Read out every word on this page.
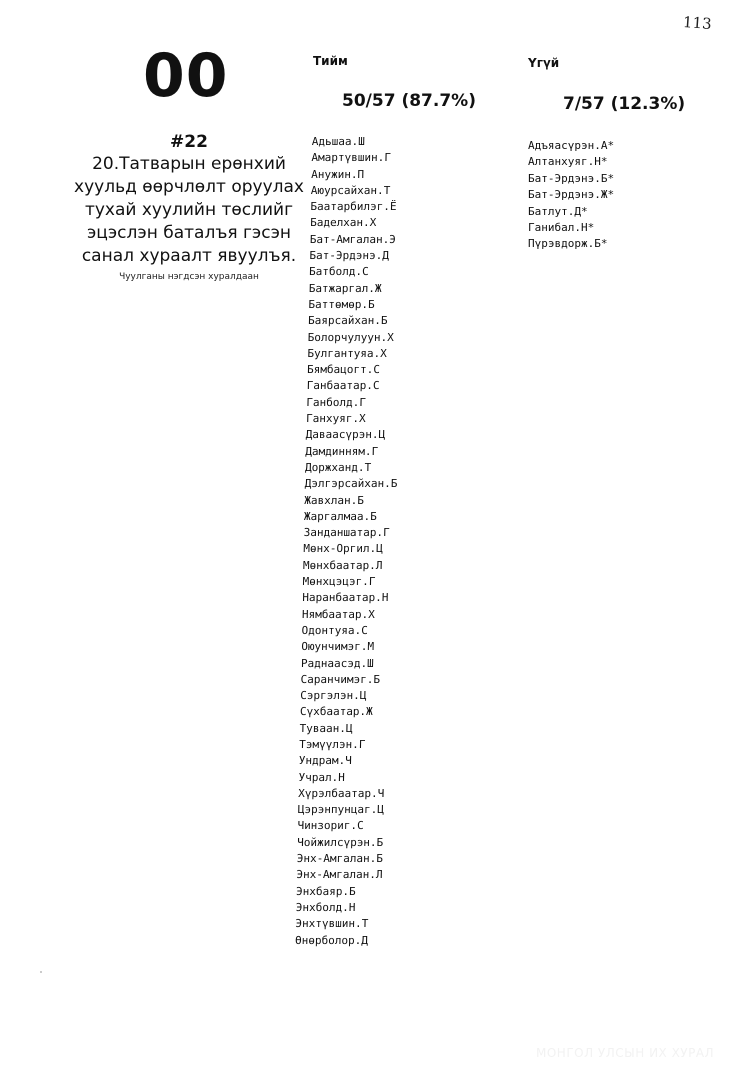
113
00
#22
20.Татварын ерөнхий хуульд өөрчлөлт оруулах тухай хуулийн төслийг эцэслэн баталъя гэсэн санал хураалт явуулъя.
Чуулганы нэгдсэн хуралдаан
Тийм	Үгүй
50/57 (87.7%)	7/57 (12.3%)
Адьшаа.Ш
Амартүвшин.Г
Анужин.П
Аюурсайхан.Т
Баатарбилэг.Ё
Баделхан.Х
Бат-Амгалан.Э
Бат-Эрдэнэ.Д
Батболд.С
Батжаргал.Ж
Баттөмөр.Б
Баярсайхан.Б
Болорчулуун.Х
Булгантуяа.Х
Бямбацогт.С
Ганбаатар.С
Ганболд.Г
Ганхуяг.Х
Даваасүрэн.Ц
Дамдинням.Г
Доржханд.Т
Дэлгэрсайхан.Б
Жавхлан.Б
Жаргалмаа.Б
Занданшатар.Г
Мөнх-Оргил.Ц
Мөнхбаатар.Л
Мөнхцэцэг.Г
Наранбаатар.Н
Нямбаатар.Х
Одонтуяа.С
Оюунчимэг.М
Раднаасэд.Ш
Саранчимэг.Б
Сэргэлэн.Ц
Сүхбаатар.Ж
Туваан.Ц
Тэмүүлэн.Г
Ундрам.Ч
Учрал.Н
Хүрэлбаатар.Ч
Цэрэнпунцаг.Ц
Чинзориг.С
Чойжилсүрэн.Б
Энх-Амгалан.Б
Энх-Амгалан.Л
Энхбаяр.Б
Энхболд.Н
Энхтүвшин.Т
Өнөрболор.Д
Адъяасүрэн.А*
Алтанхуяг.Н*
Бат-Эрдэнэ.Б*
Бат-Эрдэнэ.Ж*
Батлут.Д*
Ганибал.Н*
Пүрэвдорж.Б*
МОНГОЛ УЛСЫН ИХ ХУРАЛ
